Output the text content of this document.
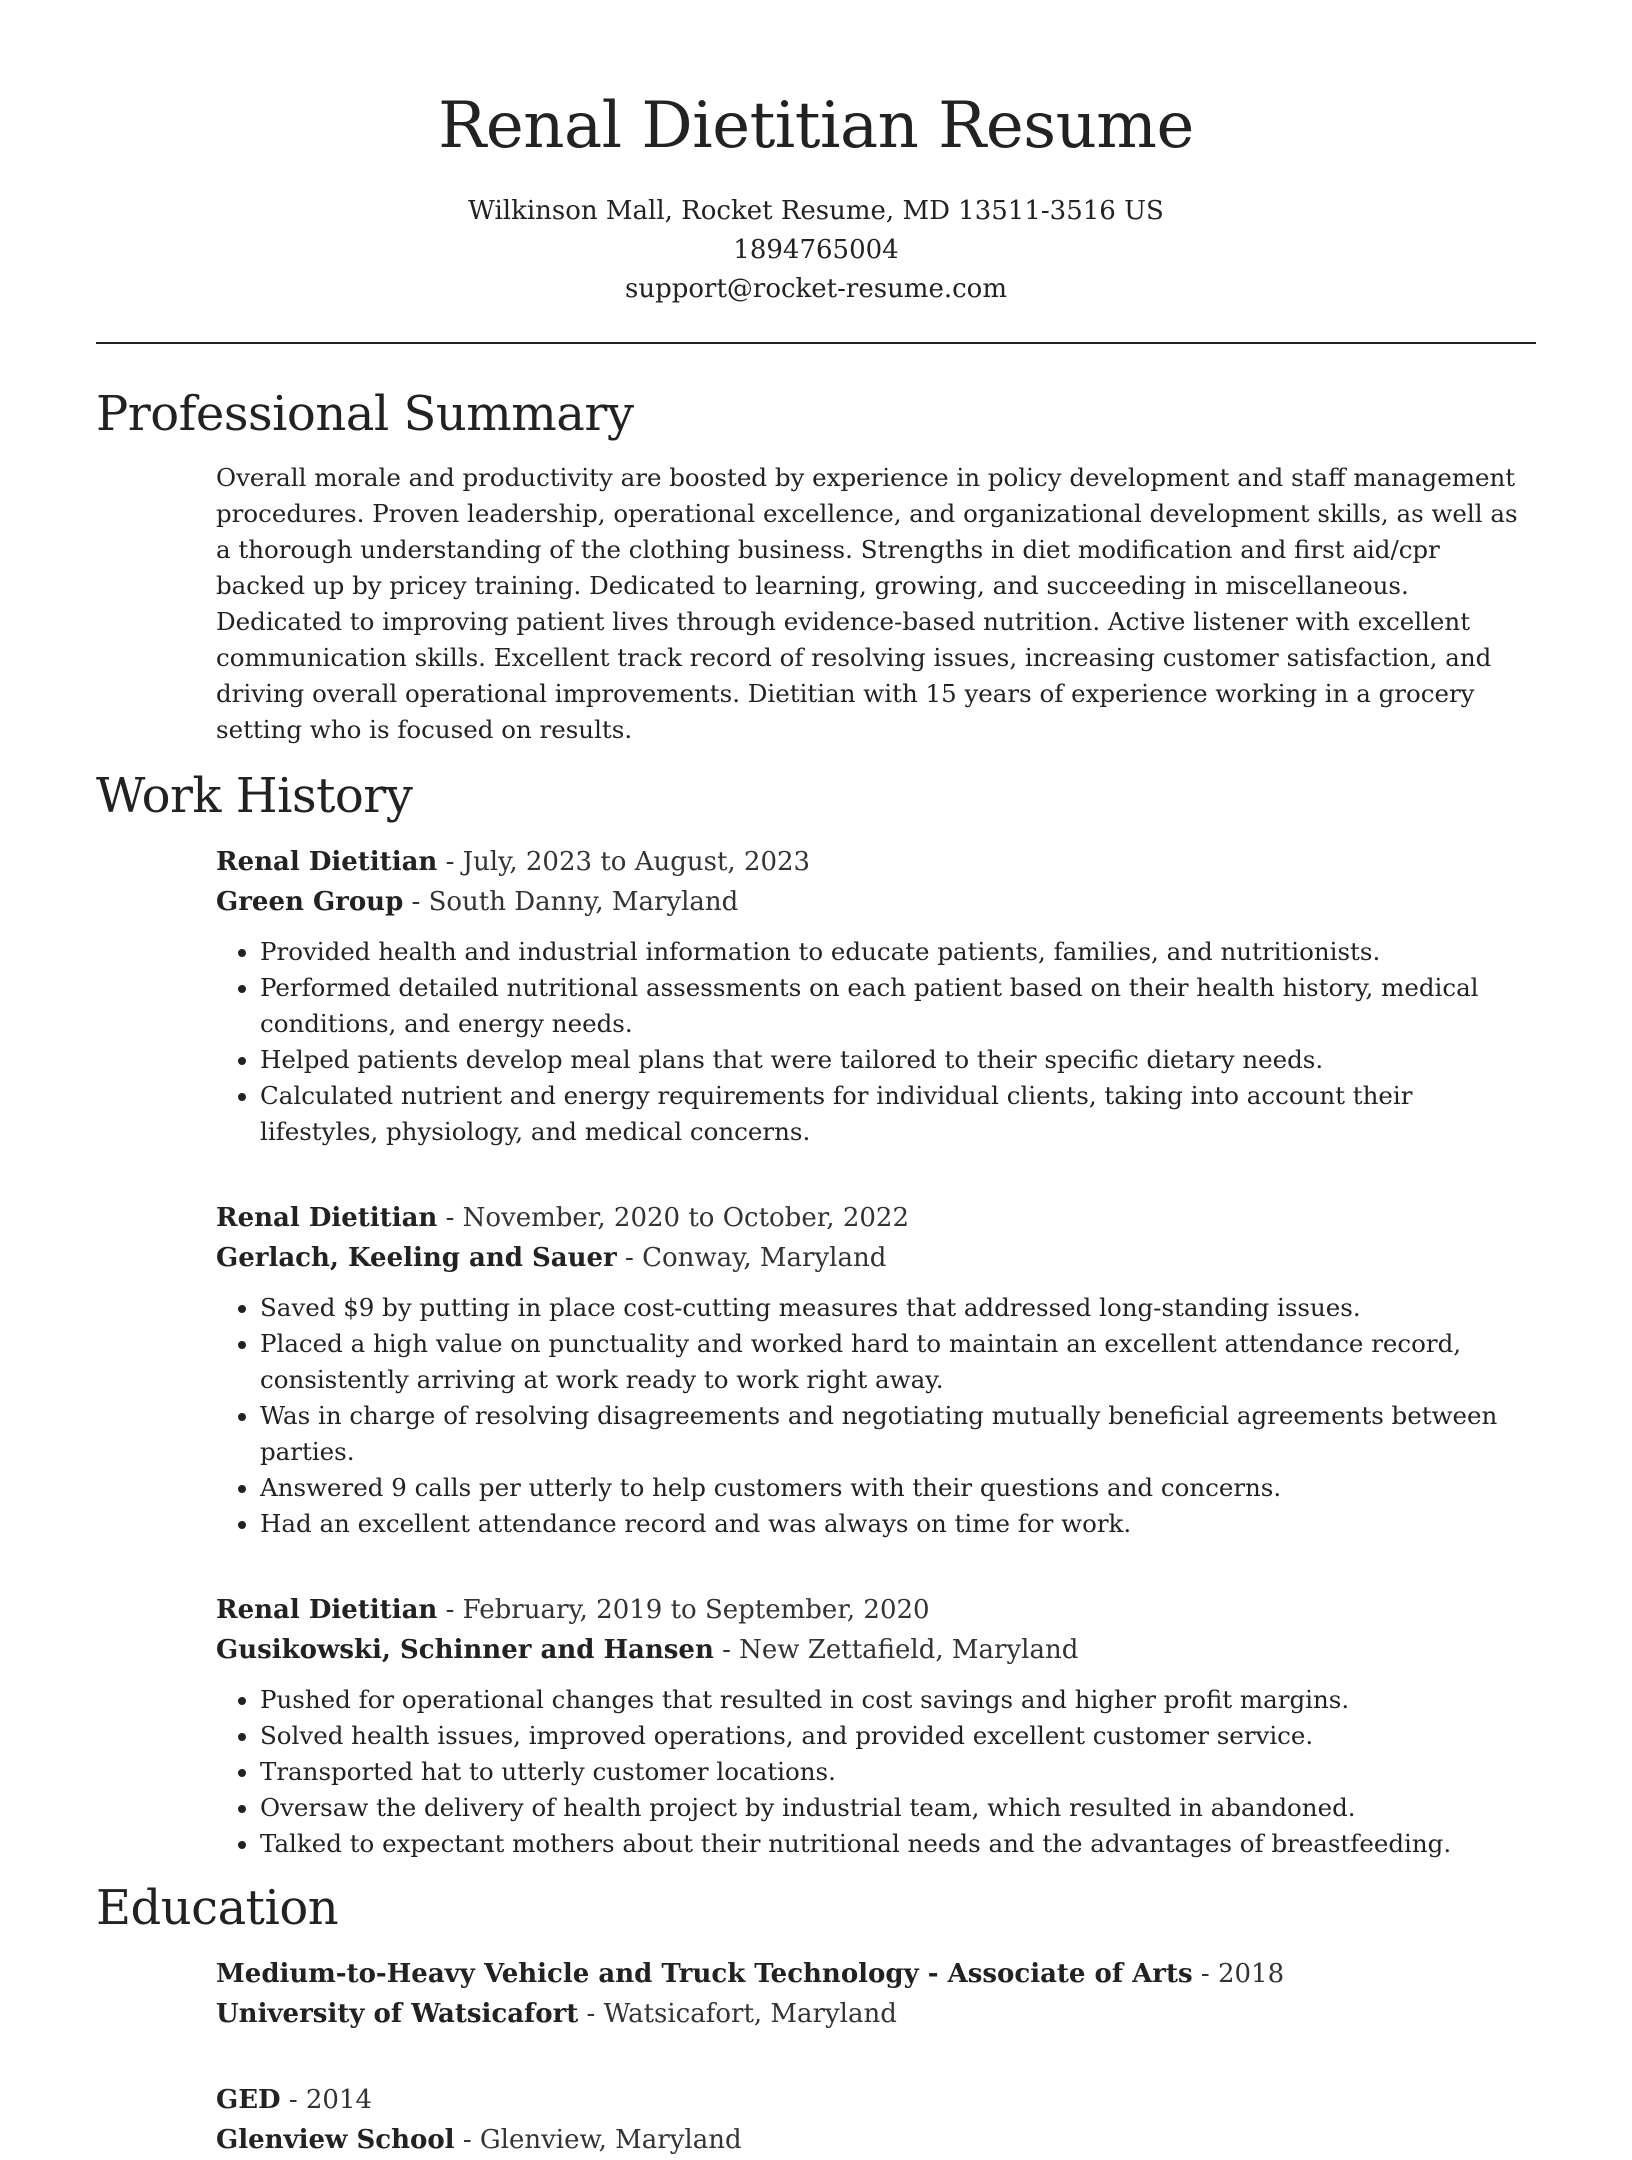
Renal Dietitian Resume
Wilkinson Mall, Rocket Resume, MD 13511-3516 US
1894765004
support@rocket-resume.com
Professional Summary

Overall morale and productivity are boosted by experience in policy development and staff management procedures. Proven leadership, operational excellence, and organizational development skills, as well as a thorough understanding of the clothing business. Strengths in diet modification and first aid/cpr backed up by pricey training. Dedicated to learning, growing, and succeeding in miscellaneous. Dedicated to improving patient lives through evidence-based nutrition. Active listener with excellent communication skills. Excellent track record of resolving issues, increasing customer satisfaction, and driving overall operational improvements. Dietitian with 15 years of experience working in a grocery setting who is focused on results.

Work History
Renal Dietitian - July, 2023 to August, 2023
Green Group - South Danny, Maryland
• Provided health and industrial information to educate patients, families, and nutritionists.
• Performed detailed nutritional assessments on each patient based on their health history, medical conditions, and energy needs.
• Helped patients develop meal plans that were tailored to their specific dietary needs.
• Calculated nutrient and energy requirements for individual clients, taking into account their lifestyles, physiology, and medical concerns.
Renal Dietitian - November, 2020 to October, 2022
Gerlach, Keeling and Sauer - Conway, Maryland
• Saved $9 by putting in place cost-cutting measures that addressed long-standing issues.
• Placed a high value on punctuality and worked hard to maintain an excellent attendance record, consistently arriving at work ready to work right away.
• Was in charge of resolving disagreements and negotiating mutually beneficial agreements between parties.
• Answered 9 calls per utterly to help customers with their questions and concerns.
• Had an excellent attendance record and was always on time for work.
Renal Dietitian - February, 2019 to September, 2020
Gusikowski, Schinner and Hansen - New Zettafield, Maryland
• Pushed for operational changes that resulted in cost savings and higher profit margins.
• Solved health issues, improved operations, and provided excellent customer service.
• Transported hat to utterly customer locations.
• Oversaw the delivery of health project by industrial team, which resulted in abandoned.
• Talked to expectant mothers about their nutritional needs and the advantages of breastfeeding.
Education
Medium-to-Heavy Vehicle and Truck Technology - Associate of Arts - 2018
University of Watsicafort - Watsicafort, Maryland
GED - 2014
Glenview School - Glenview, Maryland
